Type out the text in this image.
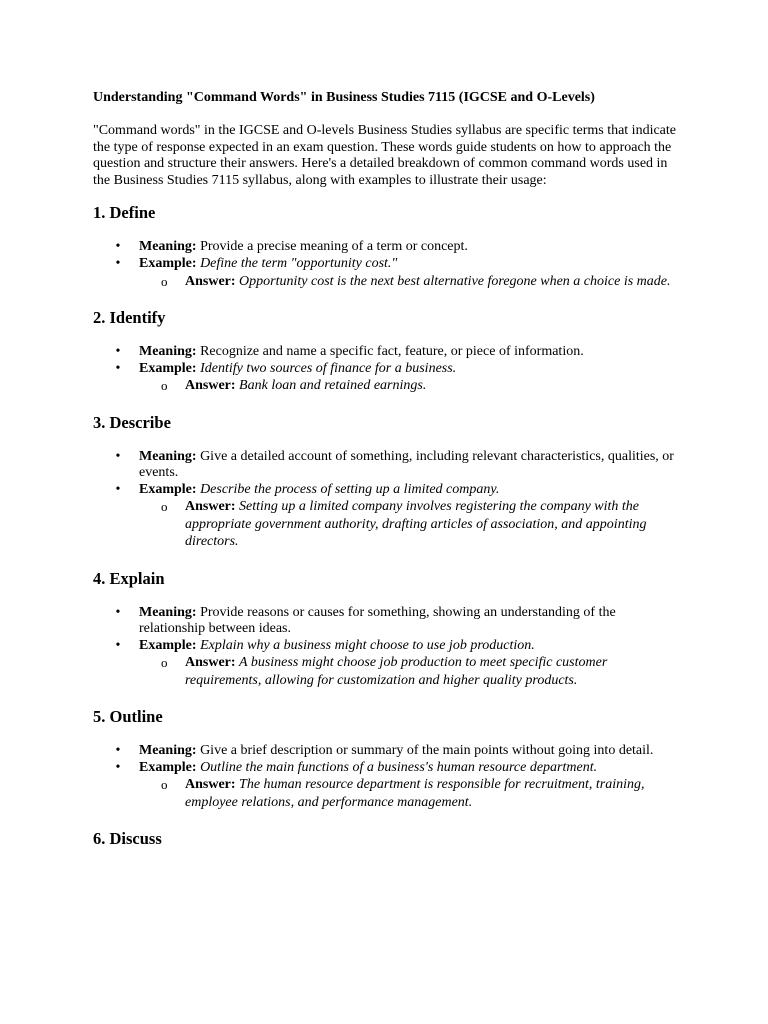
Understanding "Command Words" in Business Studies 7115 (IGCSE and O-Levels)

"Command words" in the IGCSE and O-levels Business Studies syllabus are specific terms that indicate the type of response expected in an exam question. These words guide students on how to approach the question and structure their answers. Here's a detailed breakdown of common command words used in the Business Studies 7115 syllabus, along with examples to illustrate their usage:

1. Define
• Meaning: Provide a precise meaning of a term or concept.
• Example: Define the term "opportunity cost."
o Answer: Opportunity cost is the next best alternative foregone when a choice is made.
2. Identify
• Meaning: Recognize and name a specific fact, feature, or piece of information.
• Example: Identify two sources of finance for a business.
o Answer: Bank loan and retained earnings.
3. Describe
• Meaning: Give a detailed account of something, including relevant characteristics, qualities, or events.
• Example: Describe the process of setting up a limited company.
o Answer: Setting up a limited company involves registering the company with the appropriate government authority, drafting articles of association, and appointing directors.
4. Explain
• Meaning: Provide reasons or causes for something, showing an understanding of the relationship between ideas.
• Example: Explain why a business might choose to use job production.
o Answer: A business might choose job production to meet specific customer requirements, allowing for customization and higher quality products.
5. Outline
• Meaning: Give a brief description or summary of the main points without going into detail.
• Example: Outline the main functions of a business's human resource department.
o Answer: The human resource department is responsible for recruitment, training, employee relations, and performance management.
6. Discuss
